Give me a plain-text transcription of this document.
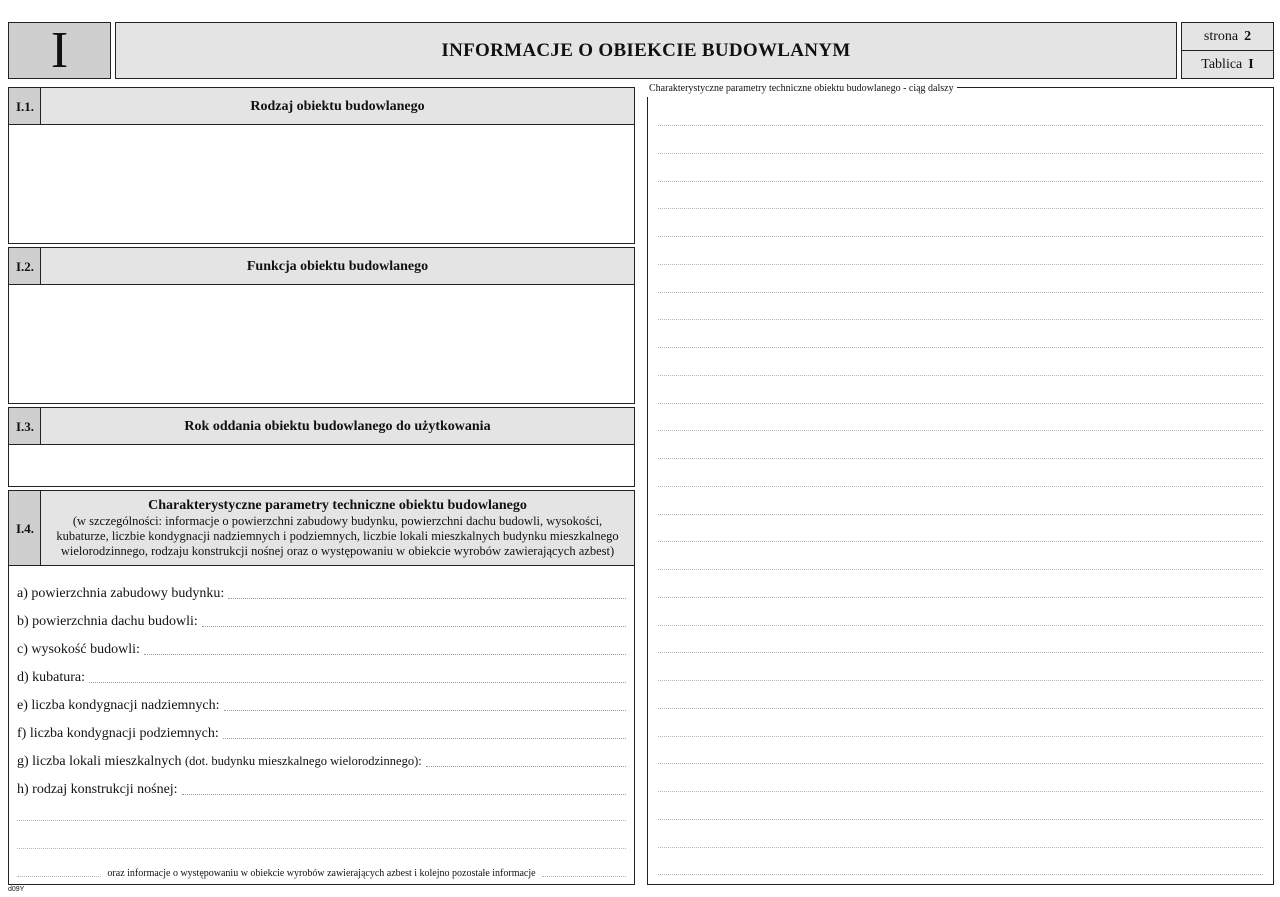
I	INFORMACJE O OBIEKCIE BUDOWLANYM
strona 2
Tablica I
I.1.	Rodzaj obiektu budowlanego
I.2.	Funkcja obiektu budowlanego
I.3.	Rok oddania obiektu budowlanego do użytkowania
I.4.
Charakterystyczne parametry techniczne obiektu budowlanego
(w szczególności: informacje o powierzchni zabudowy budynku, powierzchni dachu budowli, wysokości,
kubaturze, liczbie kondygnacji nadziemnych i podziemnych, liczbie lokali mieszkalnych budynku mieszkalnego
wielorodzinnego, rodzaju konstrukcji nośnej oraz o występowaniu w obiekcie wyrobów zawierających azbest)
a) powierzchnia zabudowy budynku:
b) powierzchnia dachu budowli:
c) wysokość budowli:
d) kubatura:
e) liczba kondygnacji nadziemnych:
f) liczba kondygnacji podziemnych:
g) liczba lokali mieszkalnych (dot. budynku mieszkalnego wielorodzinnego):
h) rodzaj konstrukcji nośnej:
oraz informacje o występowaniu w obiekcie wyrobów zawierających azbest i kolejno pozostałe informacje
d09Y
Charakterystyczne parametry techniczne obiektu budowlanego - ciąg dalszy
